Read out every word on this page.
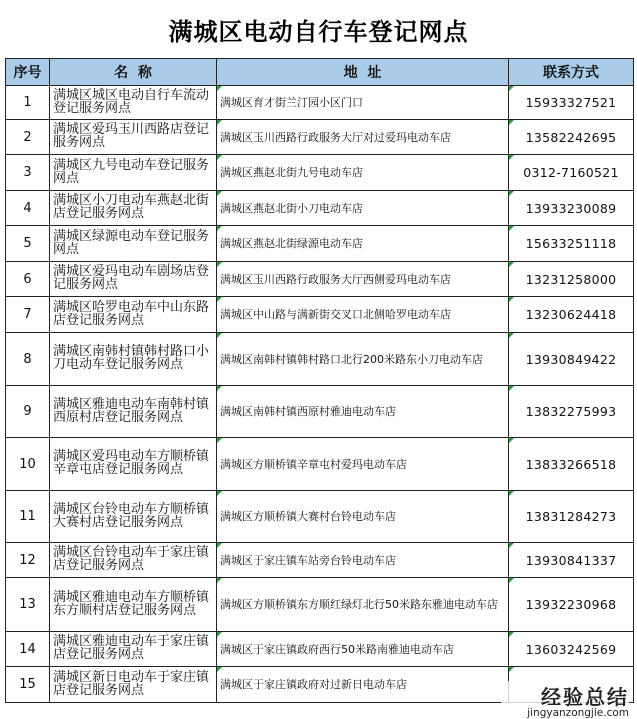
满城区电动自行车登记网点
序号	名  称	地  址	联系方式
1	满城区城区电动自行车流动登记服务网点	满城区育才街兰汀园小区门口	15933327521
2	满城区爱玛玉川西路店登记服务网点	满城区玉川西路行政服务大厅对过爱玛电动车店	13582242695
3	满城区九号电动车登记服务网点	满城区燕赵北街九号电动车店	0312-7160521
4	满城区小刀电动车燕赵北街店登记服务网点	满城区燕赵北街小刀电动车店	13933230089
5	满城区绿源电动车登记服务网点	满城区燕赵北街绿源电动车店	15633251118
6	满城区爱玛电动车剧场店登记服务网点	满城区玉川西路行政服务大厅西侧爱玛电动车店	13231258000
7	满城区哈罗电动车中山东路店登记服务网点	满城区中山路与满新街交叉口北侧哈罗电动车店	13230624418
8	满城区南韩村镇韩村路口小刀电动车登记服务网点	满城区南韩村镇韩村路口北行200米路东小刀电动车店	13930849422
9	满城区雅迪电动车南韩村镇西原村店登记服务网点	满城区南韩村镇西原村雅迪电动车店	13832275993
10	满城区爱玛电动车方顺桥镇辛章屯店登记服务网点	满城区方顺桥镇辛章屯村爱玛电动车店	13833266518
11	满城区台铃电动车方顺桥镇大赛村店登记服务网点	满城区方顺桥镇大赛村台铃电动车店	13831284273
12	满城区台铃电动车于家庄镇店登记服务网点	满城区于家庄镇车站旁台铃电动车店	13930841337
13	满城区雅迪电动车方顺桥镇东方顺村店登记服务网点	满城区方顺桥镇东方顺红绿灯北行50米路东雅迪电动车店	13932230968
14	满城区雅迪电动车于家庄镇店登记服务网点	满城区于家庄镇政府西行50米路南雅迪电动车店	13603242569
15	满城区新日电动车于家庄镇店登记服务网点	满城区于家庄镇政府对过新日电动车店	
经验总结
jingyanzongjie.com
